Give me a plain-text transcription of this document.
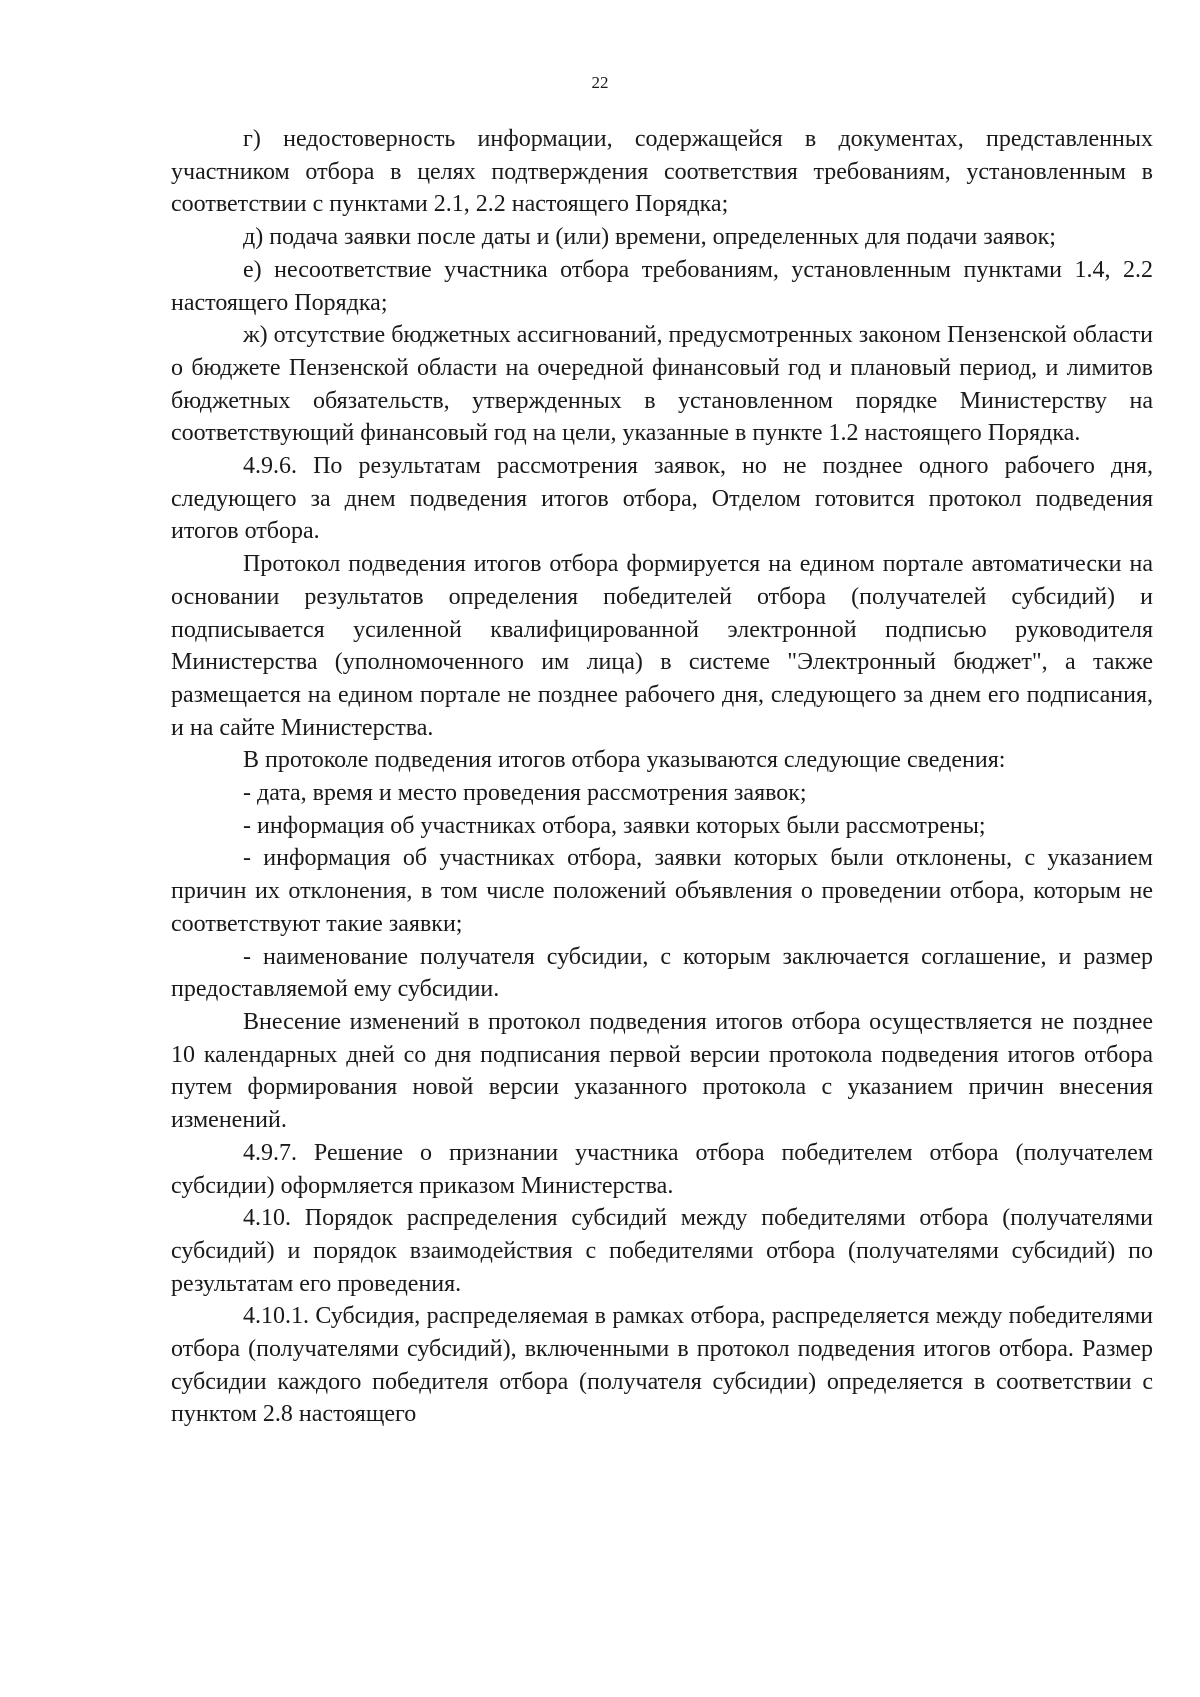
22

г) недостоверность информации, содержащейся в документах, представленных участником отбора в целях подтверждения соответствия требованиям, установленным в соответствии с пунктами 2.1, 2.2 настоящего Порядка;

д) подача заявки после даты и (или) времени, определенных для подачи заявок;

е) несоответствие участника отбора требованиям, установленным пунктами 1.4, 2.2 настоящего Порядка;

ж) отсутствие бюджетных ассигнований, предусмотренных законом Пензенской области о бюджете Пензенской области на очередной финансовый год и плановый период, и лимитов бюджетных обязательств, утвержденных в установленном порядке Министерству на соответствующий финансовый год на цели, указанные в пункте 1.2 настоящего Порядка.

4.9.6. По результатам рассмотрения заявок, но не позднее одного рабочего дня, следующего за днем подведения итогов отбора, Отделом готовится протокол подведения итогов отбора.

Протокол подведения итогов отбора формируется на едином портале автоматически на основании результатов определения победителей отбора (получателей субсидий) и подписывается усиленной квалифицированной электронной подписью руководителя Министерства (уполномоченного им лица) в системе "Электронный бюджет", а также размещается на едином портале не позднее рабочего дня, следующего за днем его подписания, и на сайте Министерства.

В протоколе подведения итогов отбора указываются следующие сведения:

- дата, время и место проведения рассмотрения заявок;

- информация об участниках отбора, заявки которых были рассмотрены;

- информация об участниках отбора, заявки которых были отклонены, с указанием причин их отклонения, в том числе положений объявления о проведении отбора, которым не соответствуют такие заявки;

- наименование получателя субсидии, с которым заключается соглашение, и размер предоставляемой ему субсидии.

Внесение изменений в протокол подведения итогов отбора осуществляется не позднее 10 календарных дней со дня подписания первой версии протокола подведения итогов отбора путем формирования новой версии указанного протокола с указанием причин внесения изменений.

4.9.7. Решение о признании участника отбора победителем отбора (получателем субсидии) оформляется приказом Министерства.

4.10. Порядок распределения субсидий между победителями отбора (получателями субсидий) и порядок взаимодействия с победителями отбора (получателями субсидий) по результатам его проведения.

4.10.1. Субсидия, распределяемая в рамках отбора, распределяется между победителями отбора (получателями субсидий), включенными в протокол подведения итогов отбора. Размер субсидии каждого победителя отбора (получателя субсидии) определяется в соответствии с пунктом 2.8 настоящего
